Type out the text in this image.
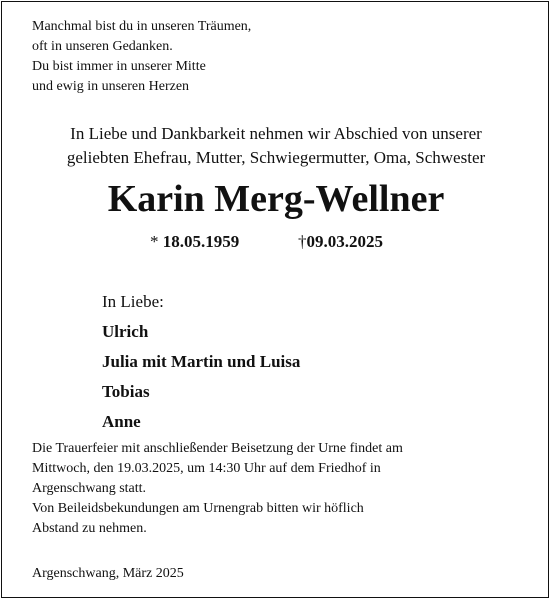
Manchmal bist du in unseren Träumen,
oft in unseren Gedanken.
Du bist immer in unserer Mitte
und ewig in unseren Herzen
In Liebe und Dankbarkeit nehmen wir Abschied von unserer
geliebten Ehefrau, Mutter, Schwiegermutter, Oma, Schwester
Karin Merg-Wellner
* 18.05.1959	†09.03.2025
In Liebe:
Ulrich
Julia mit Martin und Luisa
Tobias
Anne
Die Trauerfeier mit anschließender Beisetzung der Urne findet am
Mittwoch, den 19.03.2025, um 14:30 Uhr auf dem Friedhof in
Argenschwang statt.
Von Beileidsbekundungen am Urnengrab bitten wir höflich
Abstand zu nehmen.
Argenschwang, März 2025
